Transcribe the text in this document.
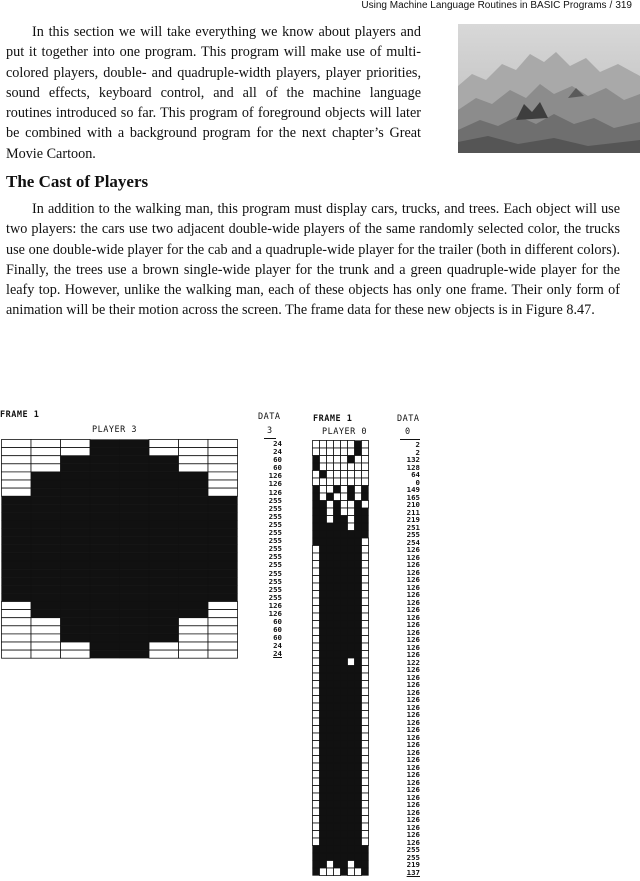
Using Machine Language Routines in BASIC Programs / 319

In this section we will take everything we know about players and put it together into one program. This program will make use of multi-colored players, double- and quadruple-width players, player priorities, sound effects, keyboard control, and all of the machine language routines introduced so far. This program of foreground objects will later be combined with a background program for the next chapter’s Great Movie Cartoon.

The Cast of Players

In addition to the walking man, this program must display cars, trucks, and trees. Each object will use two players: the cars use two adjacent double-wide players of the same randomly selected color, the trucks use one double-wide player for the cab and a quadruple-wide player for the trailer (both in different colors). Finally, the trees use a brown single-wide player for the trunk and a green quadruple-wide player for the leafy top. However, unlike the walking man, each of these objects has only one frame. Their only form of animation will be their motion across the screen. The frame data for these new objects is in Figure 8.47.

FRAME 1
PLAYER 3
DATA
3
24
24
60
60
126
126
126
255
255
255
255
255
255
255
255
255
255
255
255
255
126
126
60
60
60
24
24
FRAME 1
PLAYER 0
DATA
0
2
2
132
128
64
0
149
165
210
211
219
251
255
254
126
126
126
126
126
126
126
126
126
126
126
126
126
126
126
122
126
126
126
126
126
126
126
126
126
126
126
126
126
126
126
126
126
126
126
126
126
126
126
126
255
255
219
137
